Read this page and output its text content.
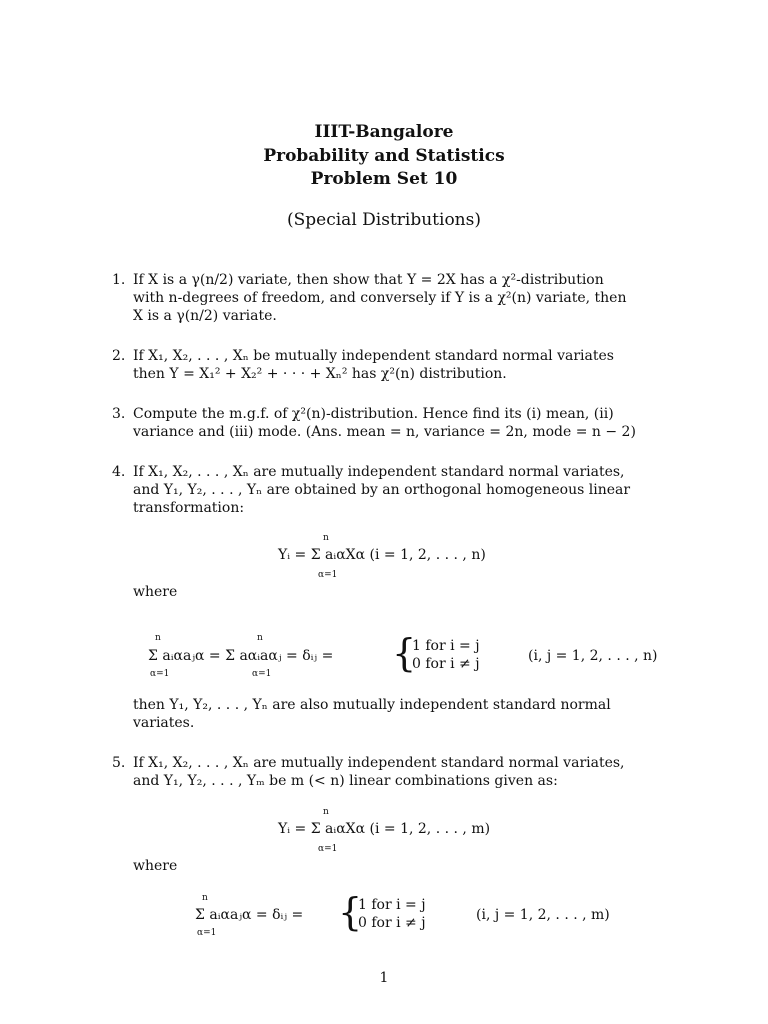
IIIT-Bangalore
Probability and Statistics
Problem Set 10
(Special Distributions)
1. If X is a γ(n/2) variate, then show that Y = 2X has a χ²-distribution
with n-degrees of freedom, and conversely if Y is a χ²(n) variate, then
X is a γ(n/2) variate.
2. If X₁, X₂, . . . , Xₙ be mutually independent standard normal variates
then Y = X₁² + X₂² + · · · + Xₙ² has χ²(n) distribution.
3. Compute the m.g.f. of χ²(n)-distribution. Hence find its (i) mean, (ii)
variance and (iii) mode. (Ans. mean = n, variance = 2n, mode = n − 2)
4. If X₁, X₂, . . . , Xₙ are mutually independent standard normal variates,
and Y₁, Y₂, . . . , Yₙ are obtained by an orthogonal homogeneous linear
transformation:
n
Yᵢ = Σ aᵢαXα (i = 1, 2, . . . , n)
α=1
where
n	n
Σ aᵢαaⱼα = Σ aαᵢaαⱼ = δᵢⱼ = {
1 for i = j
0 for i ≠ j	(i, j = 1, 2, . . . , n)
α=1	α=1
then Y₁, Y₂, . . . , Yₙ are also mutually independent standard normal
variates.
5. If X₁, X₂, . . . , Xₙ are mutually independent standard normal variates,
and Y₁, Y₂, . . . , Yₘ be m (< n) linear combinations given as:
n
Yᵢ = Σ aᵢαXα (i = 1, 2, . . . , m)
α=1
where
n
Σ aᵢαaⱼα = δᵢⱼ = {
1 for i = j
0 for i ≠ j	(i, j = 1, 2, . . . , m)
α=1
1
